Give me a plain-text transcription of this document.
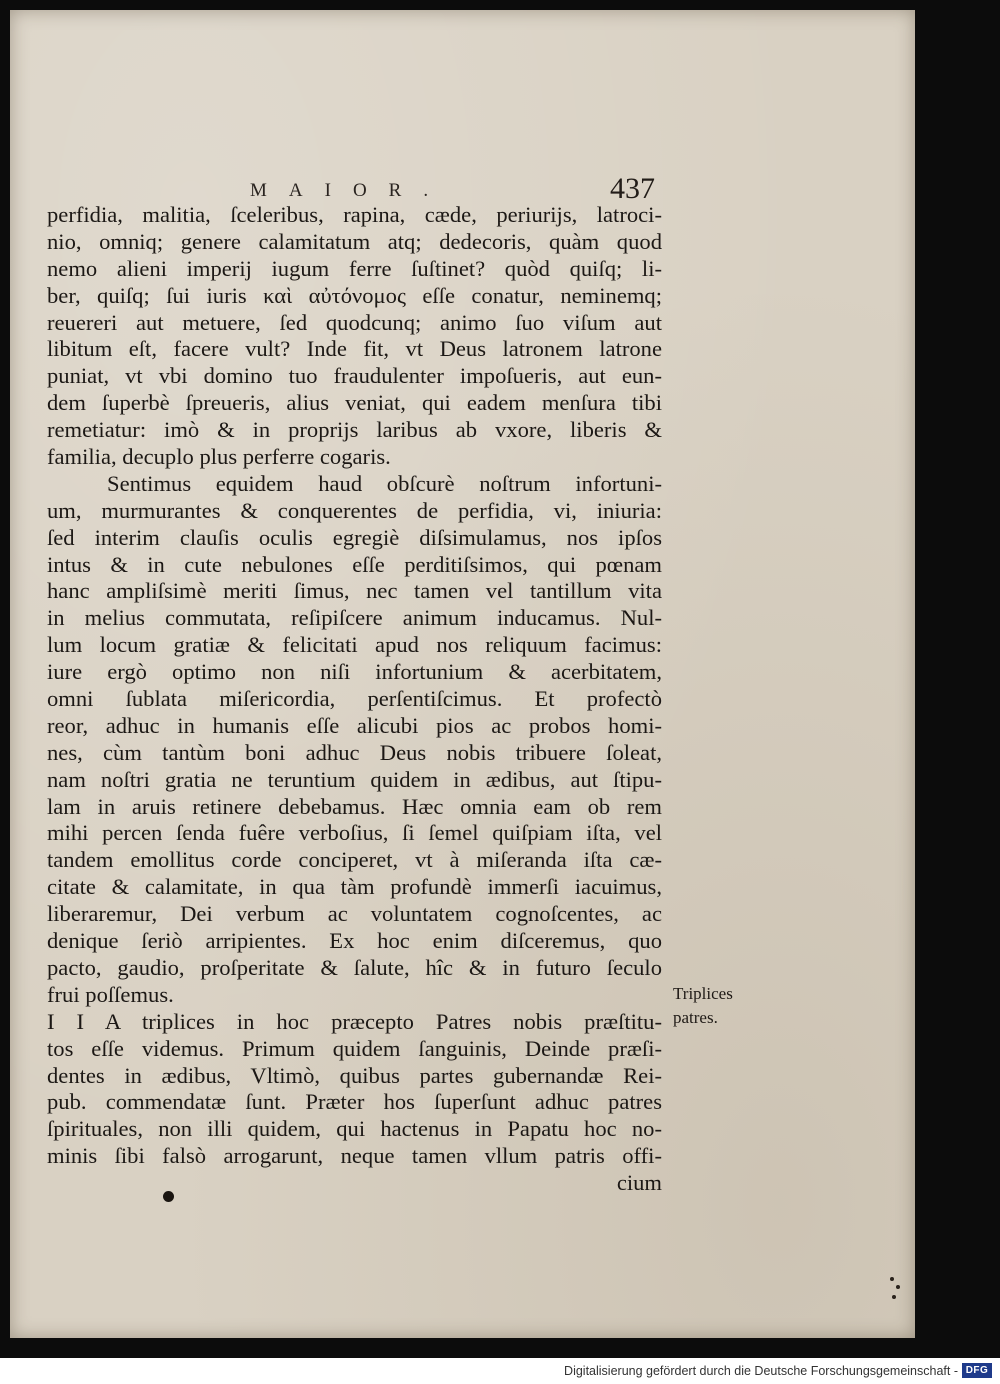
MAIOR.	437
perfidia, malitia, ſceleribus, rapina, cæde, periurijs, latroci-
nio, omniq; genere calamitatum atq; dedecoris, quàm quod
nemo alieni imperij iugum ferre ſuſtinet? quòd quiſq; li-
ber, quiſq; ſui iuris καὶ αὐτόνομος eſſe conatur, neminemq;
reuereri aut metuere, ſed quodcunq; animo ſuo viſum aut
libitum eſt, facere vult? Inde fit, vt Deus latronem latrone
puniat, vt vbi domino tuo fraudulenter impoſueris, aut eun-
dem ſuperbè ſpreueris, alius veniat, qui eadem menſura tibi
remetiatur: imò & in proprijs laribus ab vxore, liberis &
familia, decuplo plus perferre cogaris.
Sentimus equidem haud obſcurè noſtrum infortuni-
um, murmurantes & conquerentes de perfidia, vi, iniuria:
ſed interim clauſis oculis egregiè diſsimulamus, nos ipſos
intus & in cute nebulones eſſe perditiſsimos, qui pœnam
hanc ampliſsimè meriti ſimus, nec tamen vel tantillum vita
in melius commutata, reſipiſcere animum inducamus. Nul-
lum locum gratiæ & felicitati apud nos reliquum facimus:
iure ergò optimo non niſi infortunium & acerbitatem,
omni ſublata miſericordia, perſentiſcimus. Et profectò
reor, adhuc in humanis eſſe alicubi pios ac probos homi-
nes, cùm tantùm boni adhuc Deus nobis tribuere ſoleat,
nam noſtri gratia ne teruntium quidem in ædibus, aut ſtipu-
lam in aruis retinere debebamus. Hæc omnia eam ob rem
mihi percen ſenda fuêre verboſius, ſi ſemel quiſpiam iſta, vel
tandem emollitus corde conciperet, vt à miſeranda iſta cæ-
citate & calamitate, in qua tàm profundè immerſi iacuimus,
liberaremur, Dei verbum ac voluntatem cognoſcentes, ac
denique ſeriò arripientes. Ex hoc enim diſceremus, quo
pacto, gaudio, proſperitate & ſalute, hîc & in futuro ſeculo
frui poſſemus.
I I A triplices in hoc præcepto Patres nobis præſtitu-
tos eſſe videmus. Primum quidem ſanguinis, Deinde præſi-
dentes in ædibus, Vltimò, quibus partes gubernandæ Rei-
pub. commendatæ ſunt. Præter hos ſuperſunt adhuc patres
ſpirituales, non illi quidem, qui hactenus in Papatu hoc no-
minis ſibi falsò arrogarunt, neque tamen vllum patris offi-
cium
Triplices
patres.
Digitalisierung gefördert durch die Deutsche Forschungsgemeinschaft - DFG
